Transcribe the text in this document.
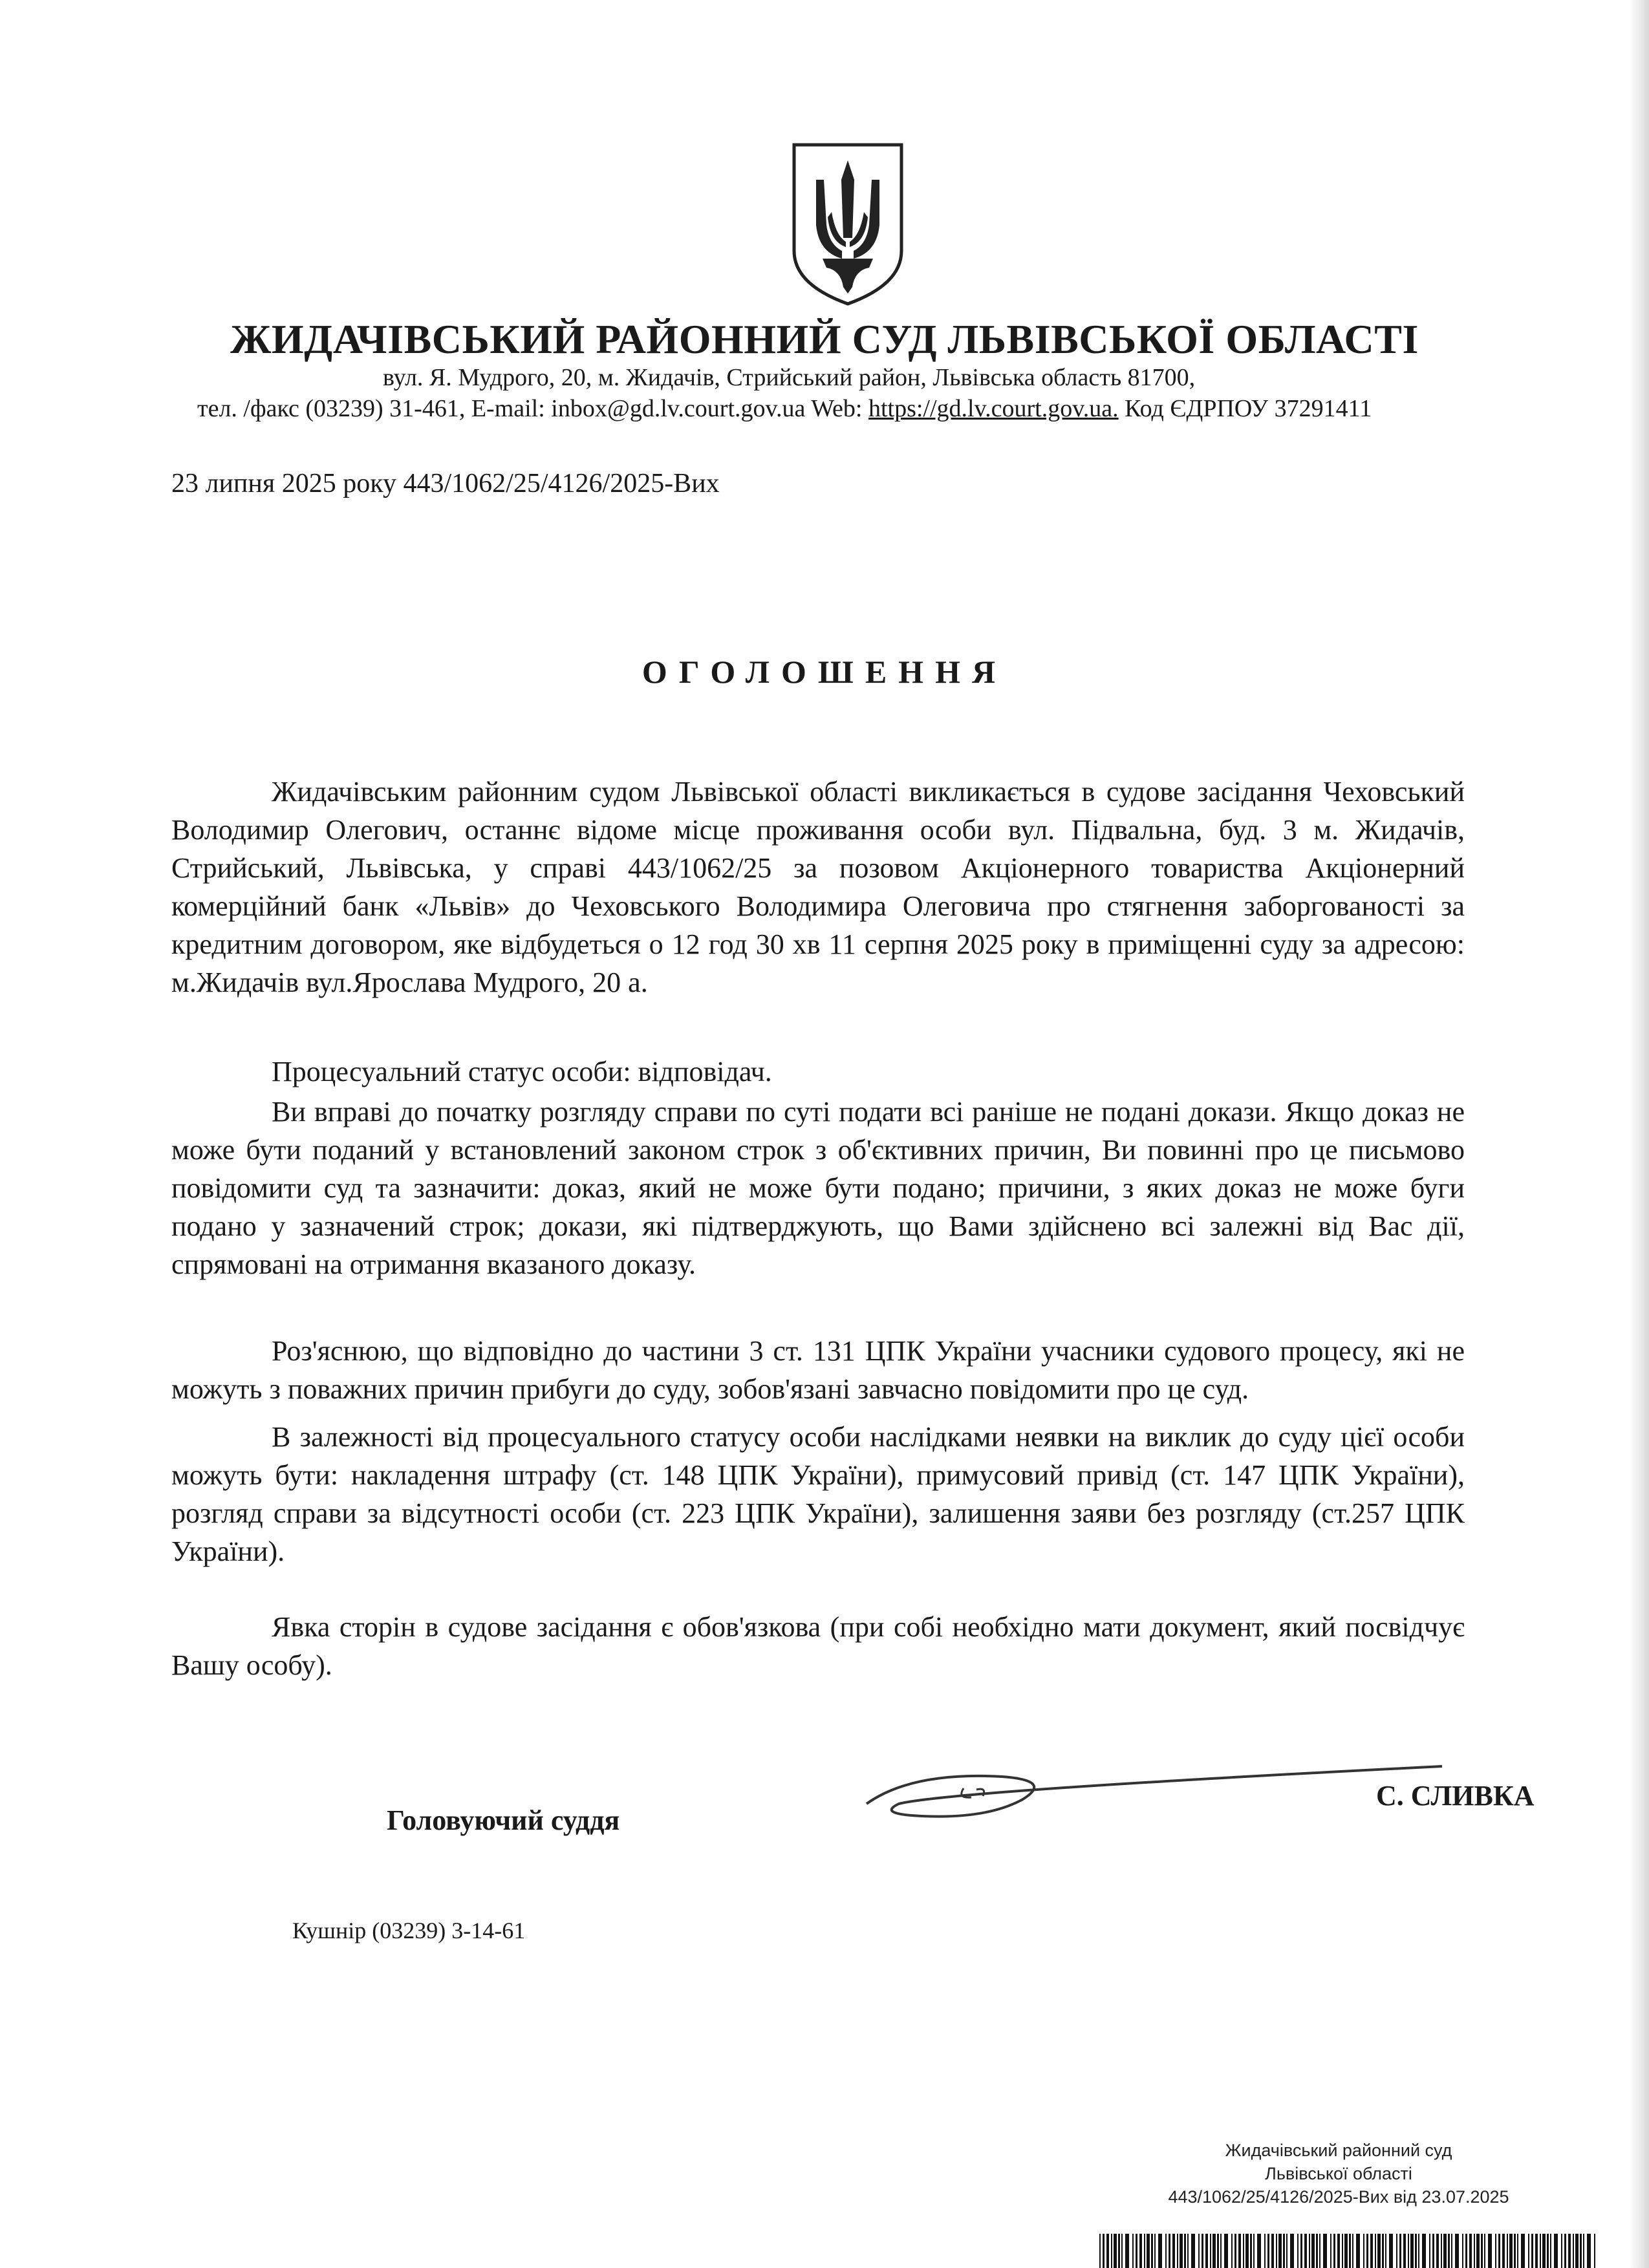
ЖИДАЧІВСЬКИЙ РАЙОННИЙ СУД ЛЬВІВСЬКОЇ ОБЛАСТІ
вул. Я. Мудрого, 20, м. Жидачів, Стрийський район, Львівська область 81700,
тел. /факс (03239) 31-461, E-mail: inbox@gd.lv.court.gov.ua Web: https://gd.lv.court.gov.ua. Код ЄДРПОУ 37291411
23 липня 2025 року 443/1062/25/4126/2025-Вих
ОГОЛОШЕННЯ

Жидачівським районним судом Львівської області викликається в судове засідання Чеховський Володимир Олегович, останнє відоме місце проживання особи вул. Підвальна, буд. 3 м. Жидачів, Стрийський, Львівська, у справі 443/1062/25 за позовом Акціонерного товариства Акціонерний комерційний банк «Львів» до Чеховського Володимира Олеговича про стягнення заборгованості за кредитним договором, яке відбудеться о 12 год 30 хв 11 серпня 2025 року в приміщенні суду за адресою: м.Жидачів вул.Ярослава Мудрого, 20 а.

Процесуальний статус особи: відповідач.

Ви вправі до початку розгляду справи по суті подати всі раніше не подані докази. Якщо доказ не може бути поданий у встановлений законом строк з об'єктивних причин, Ви повинні про це письмово повідомити суд та зазначити: доказ, який не може бути подано; причини, з яких доказ не може буги подано у зазначений строк; докази, які підтверджують, що Вами здійснено всі залежні від Вас дії, спрямовані на отримання вказаного доказу.

Роз'яснюю, що відповідно до частини 3 ст. 131 ЦПК України учасники судового процесу, які не можуть з поважних причин прибуги до суду, зобов'язані завчасно повідомити про це суд.

В залежності від процесуального статусу особи наслідками неявки на виклик до суду цієї особи можуть бути: накладення штрафу (ст. 148 ЦПК України), примусовий привід (ст. 147 ЦПК України), розгляд справи за відсутності особи (ст. 223 ЦПК України), залишення заяви без розгляду (ст.257 ЦПК України).

Явка сторін в судове засідання є обов'язкова (при собі необхідно мати документ, який посвідчує Вашу особу).

Головуючий суддя
С. СЛИВКА
Кушнір (03239) 3-14-61
Жидачівський районний суд
Львівської області
443/1062/25/4126/2025-Вих від 23.07.2025
